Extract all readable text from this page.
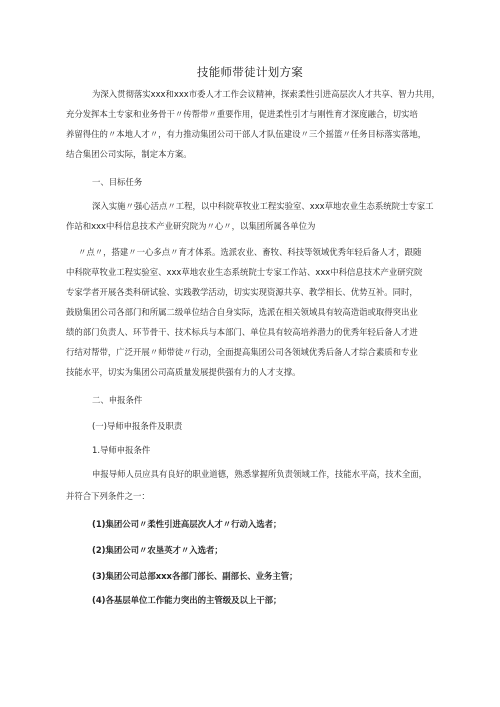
技能师带徒计划方案
为深入贯彻落实xxx和xxx市委人才工作会议精神，探索柔性引进高层次人才共享、智力共用，
充分发挥本土专家和业务骨干〃传帮带〃重要作用，促进柔性引才与刚性育才深度融合，切实培
养留得住的〃本地人才〃，有力推动集团公司干部人才队伍建设〃三个摇篮〃任务目标落实落地，
结合集团公司实际，制定本方案。
一、目标任务
深入实施〃强心活点〃工程，以中科院草牧业工程实验室、xxx草地农业生态系统院士专家工
作站和xxx中科信息技术产业研究院为〃心〃，以集团所属各单位为
〃点〃，搭建〃一心多点〃育才体系。选派农业、畜牧、科技等领域优秀年轻后备人才，跟随
中科院草牧业工程实验室、xxx草地农业生态系统院士专家工作站、xxx中科信息技术产业研究院
专家学者开展各类科研试验、实践教学活动，切实实现资源共享、教学相长、优势互补。同时，
鼓励集团公司各部门和所属二级单位结合自身实际，选派在相关领域具有较高造诣或取得突出业
绩的部门负责人、环节骨干、技术标兵与本部门、单位具有较高培养潜力的优秀年轻后备人才进
行结对帮带，广泛开展〃师带徒〃行动，全面提高集团公司各领域优秀后备人才综合素质和专业
技能水平，切实为集团公司高质量发展提供强有力的人才支撑。
二、申报条件
(一)导师申报条件及职责
1.导师申报条件
申报导师人员应具有良好的职业道德，熟悉掌握所负责领域工作，技能水平高，技术全面，
并符合下列条件之一：
(1)集团公司〃柔性引进高层次人才〃行动入选者；
(2)集团公司〃农垦英才〃入选者；
(3)集团公司总部xxx各部门部长、副部长、业务主管；
(4)各基层单位工作能力突出的主管级及以上干部；
